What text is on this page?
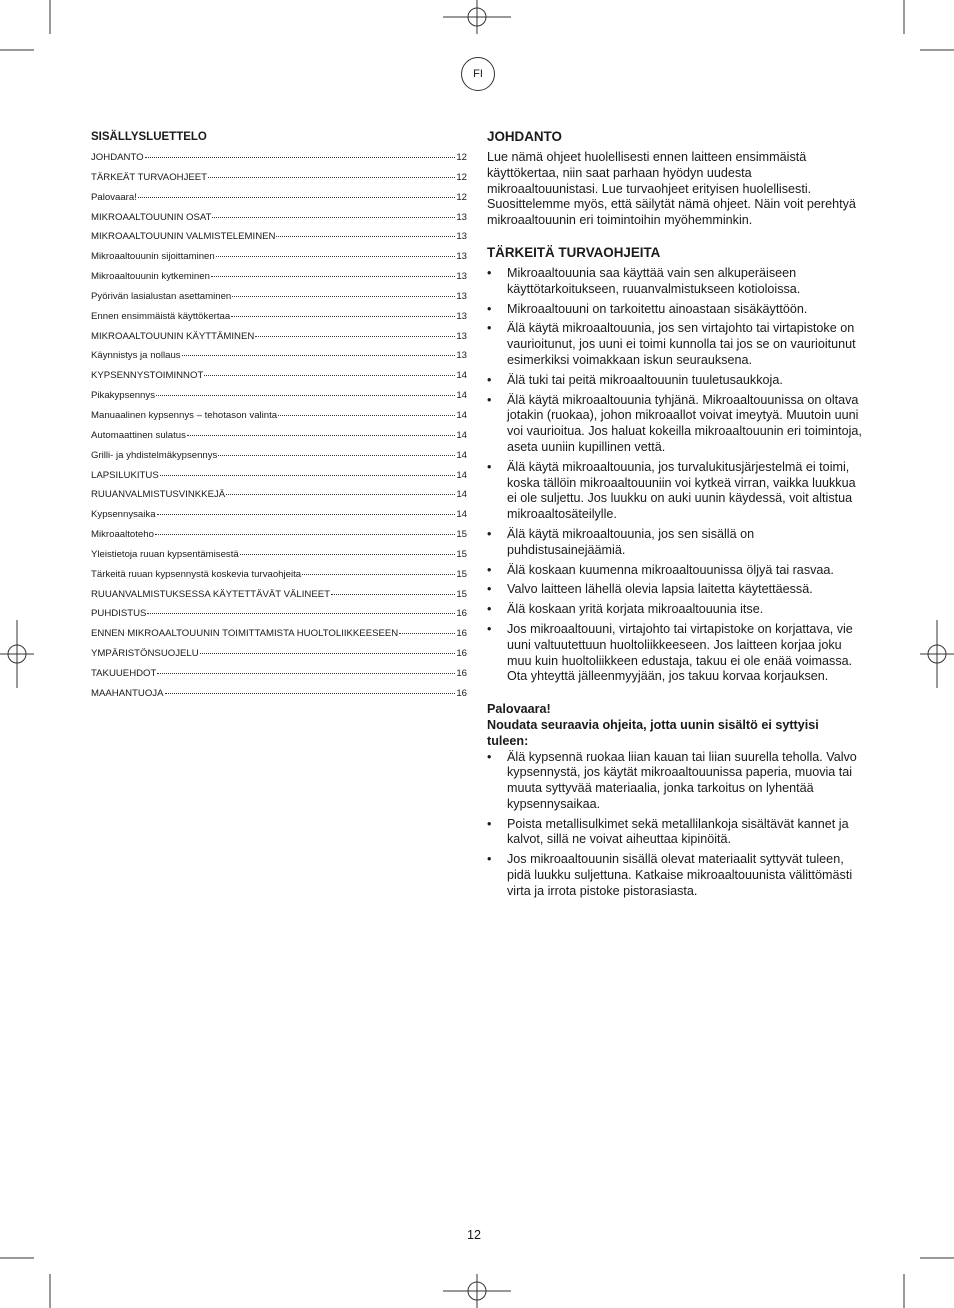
FI
SISÄLLYSLUETTELO
JOHDANTO	12
TÄRKEÄT TURVAOHJEET	12
Palovaara!	12
MIKROAALTOUUNIN OSAT	13
MIKROAALTOUUNIN VALMISTELEMINEN	13
Mikroaaltouunin sijoittaminen	13
Mikroaaltouunin kytkeminen	13
Pyörivän lasialustan asettaminen	13
Ennen ensimmäistä käyttökertaa	13
MIKROAALTOUUNIN KÄYTTÄMINEN	13
Käynnistys ja nollaus	13
KYPSENNYSTOIMINNOT	14
Pikakypsennys	14
Manuaalinen kypsennys – tehotason valinta	14
Automaattinen sulatus	14
Grilli- ja yhdistelmäkypsennys	14
LAPSILUKITUS	14
RUUANVALMISTUSVINKKEJÄ	14
Kypsennysaika	14
Mikroaaltoteho	15
Yleistietoja ruuan kypsentämisestä	15
Tärkeitä ruuan kypsennystä koskevia turvaohjeita	15
RUUANVALMISTUKSESSA KÄYTETTÄVÄT VÄLINEET	15
PUHDISTUS	16
ENNEN MIKROAALTOUUNIN TOIMITTAMISTA HUOLTOLIIKKEESEEN	16
YMPÄRISTÖNSUOJELU	16
TAKUUEHDOT	16
MAAHANTUOJA	16
JOHDANTO

Lue nämä ohjeet huolellisesti ennen laitteen ensimmäistä käyttökertaa, niin saat parhaan hyödyn uudesta mikroaaltouunistasi. Lue turvaohjeet erityisen huolellisesti. Suosittelemme myös, että säilytät nämä ohjeet. Näin voit perehtyä mikroaaltouunin eri toimintoihin myöhemminkin.

TÄRKEITÄ TURVAOHJEITA
• Mikroaaltouunia saa käyttää vain sen alkuperäiseen käyttötarkoitukseen, ruuanvalmistukseen kotioloissa.
• Mikroaaltouuni on tarkoitettu ainoastaan sisäkäyttöön.
• Älä käytä mikroaaltouunia, jos sen virtajohto tai virtapistoke on vaurioitunut, jos uuni ei toimi kunnolla tai jos se on vaurioitunut esimerkiksi voimakkaan iskun seurauksena.
• Älä tuki tai peitä mikroaaltouunin tuuletusaukkoja.
• Älä käytä mikroaaltouunia tyhjänä. Mikroaaltouunissa on oltava jotakin (ruokaa), johon mikroaallot voivat imeytyä. Muutoin uuni voi vaurioitua. Jos haluat kokeilla mikroaaltouunin eri toimintoja, aseta uuniin kupillinen vettä.
• Älä käytä mikroaaltouunia, jos turvalukitusjärjestelmä ei toimi, koska tällöin mikroaaltouuniin voi kytkeä virran, vaikka luukkua ei ole suljettu. Jos luukku on auki uunin käydessä, voit altistua mikroaaltosäteilylle.
• Älä käytä mikroaaltouunia, jos sen sisällä on puhdistusainejäämiä.
• Älä koskaan kuumenna mikroaaltouunissa öljyä tai rasvaa.
• Valvo laitteen lähellä olevia lapsia laitetta käytettäessä.
• Älä koskaan yritä korjata mikroaaltouunia itse.
• Jos mikroaaltouuni, virtajohto tai virtapistoke on korjattava, vie uuni valtuutettuun huoltoliikkeeseen. Jos laitteen korjaa joku muu kuin huoltoliikkeen edustaja, takuu ei ole enää voimassa. Ota yhteyttä jälleenmyyjään, jos takuu korvaa korjauksen.
Palovaara!
Noudata seuraavia ohjeita, jotta uunin sisältö ei syttyisi tuleen:
• Älä kypsennä ruokaa liian kauan tai liian suurella teholla. Valvo kypsennystä, jos käytät mikroaaltouunissa paperia, muovia tai muuta syttyvää materiaalia, jonka tarkoitus on lyhentää kypsennysaikaa.
• Poista metallisulkimet sekä metallilankoja sisältävät kannet ja kalvot, sillä ne voivat aiheuttaa kipinöitä.
• Jos mikroaaltouunin sisällä olevat materiaalit syttyvät tuleen, pidä luukku suljettuna. Katkaise mikroaaltouunista välittömästi virta ja irrota pistoke pistorasiasta.
12
